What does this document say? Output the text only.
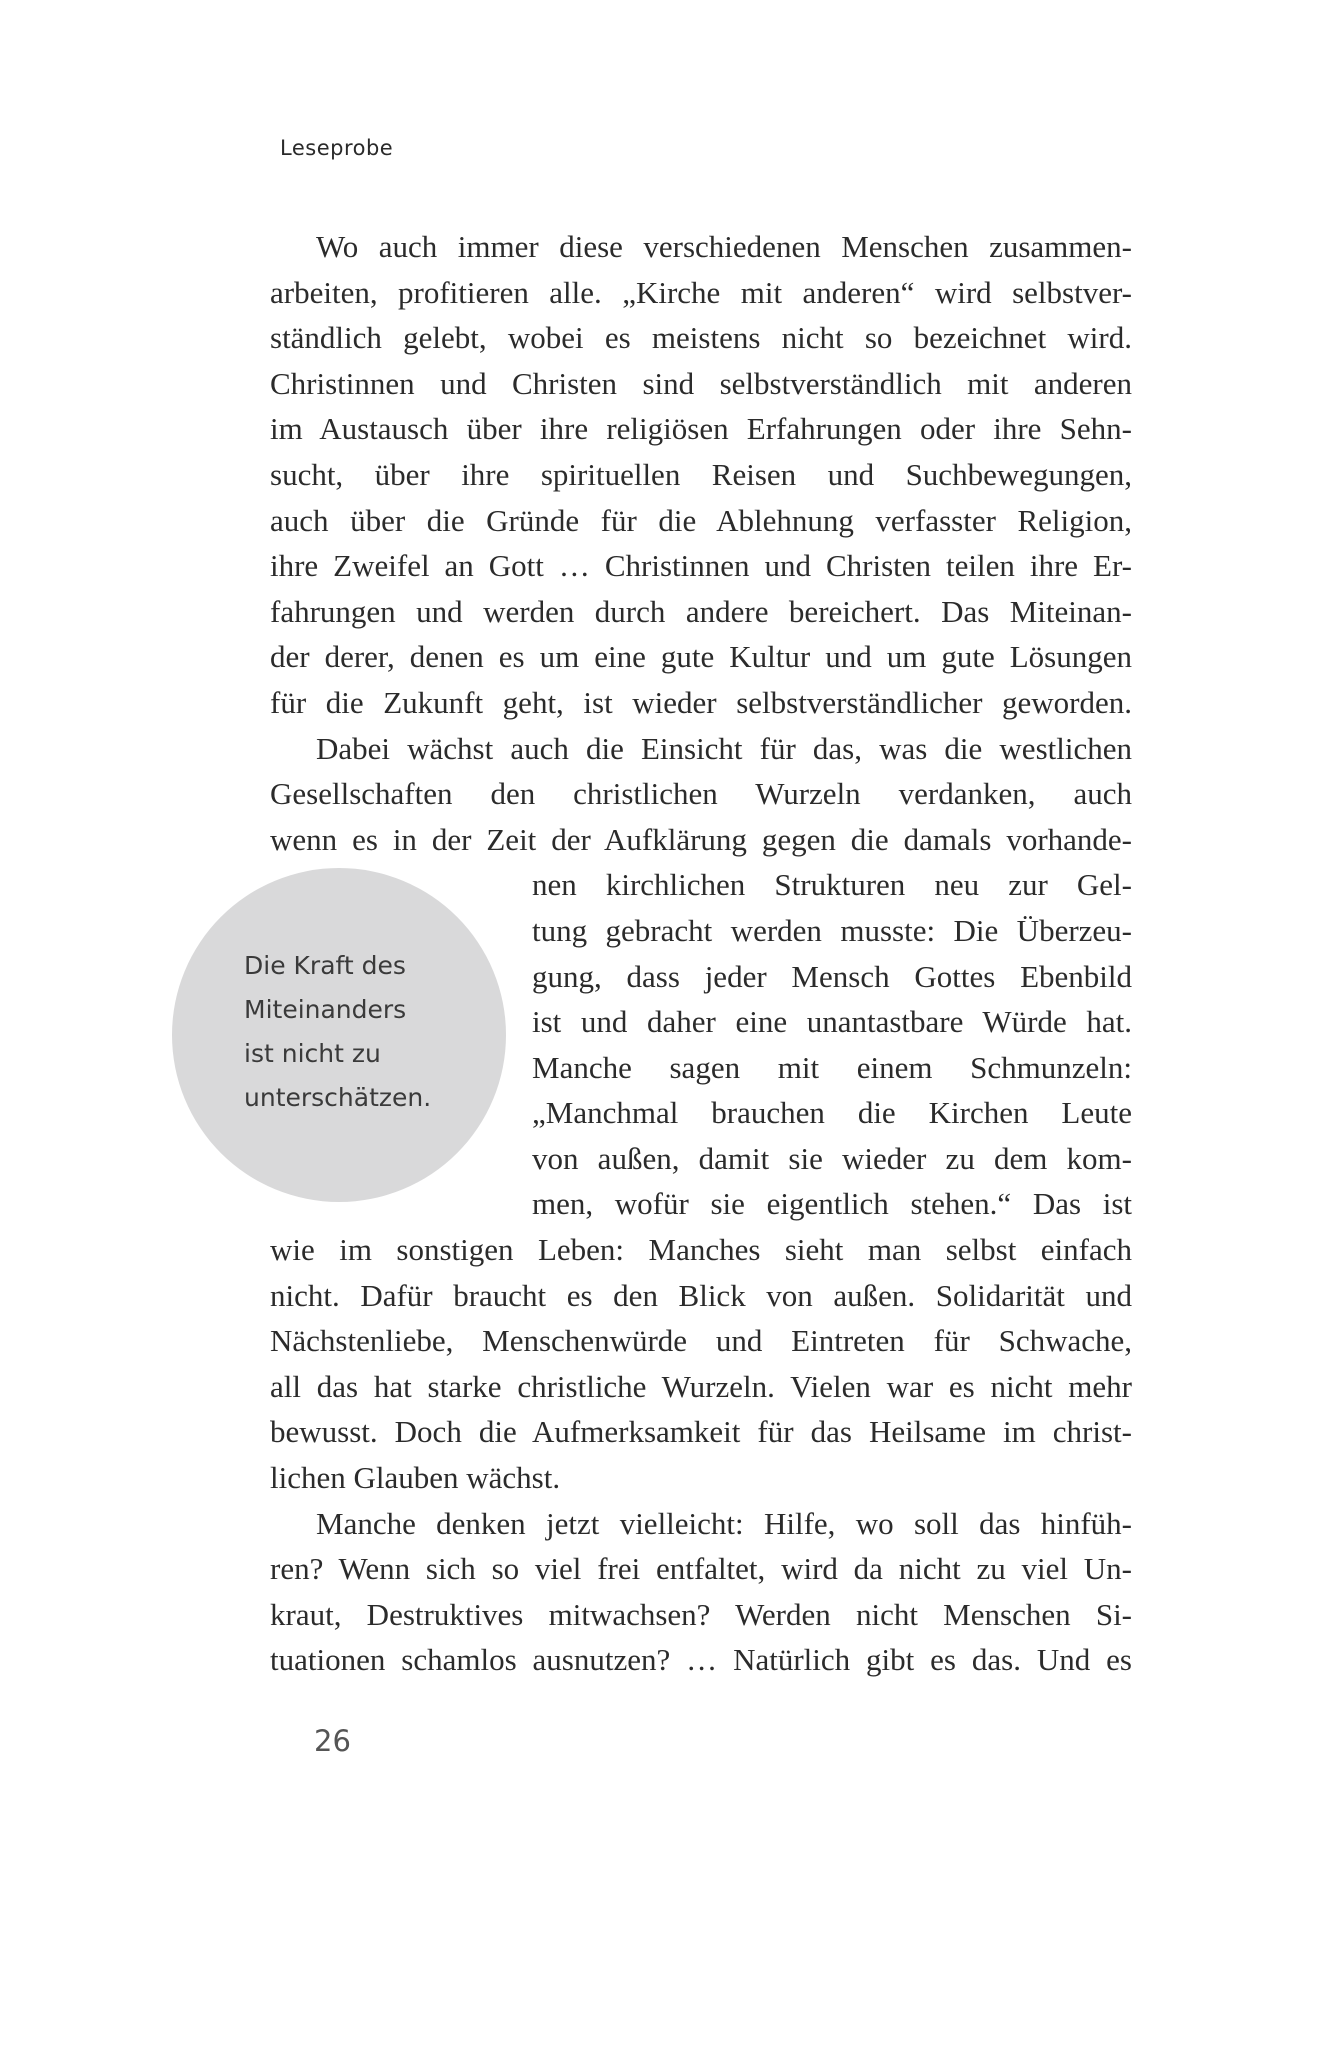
Leseprobe
Die Kraft des
Miteinanders
ist nicht zu
unterschätzen.
Wo auch immer diese verschiedenen Menschen zusammen-
arbeiten, profitieren alle. „Kirche mit anderen“ wird selbstver-
ständlich gelebt, wobei es meistens nicht so bezeichnet wird.
Christinnen und Christen sind selbstverständlich mit anderen
im Austausch über ihre religiösen Erfahrungen oder ihre Sehn-
sucht, über ihre spirituellen Reisen und Suchbewegungen,
auch über die Gründe für die Ablehnung verfasster Religion,
ihre Zweifel an Gott … Christinnen und Christen teilen ihre Er-
fahrungen und werden durch andere bereichert. Das Miteinan-
der derer, denen es um eine gute Kultur und um gute Lösungen
für die Zukunft geht, ist wieder selbstverständlicher geworden.
Dabei wächst auch die Einsicht für das, was die westlichen
Gesellschaften den christlichen Wurzeln verdanken, auch
wenn es in der Zeit der Aufklärung gegen die damals vorhande-
nen kirchlichen Strukturen neu zur Gel-
tung gebracht werden musste: Die Überzeu-
gung, dass jeder Mensch Gottes Ebenbild
ist und daher eine unantastbare Würde hat.
Manche sagen mit einem Schmunzeln:
„Manchmal brauchen die Kirchen Leute
von außen, damit sie wieder zu dem kom-
men, wofür sie eigentlich stehen.“ Das ist
wie im sonstigen Leben: Manches sieht man selbst einfach
nicht. Dafür braucht es den Blick von außen. Solidarität und
Nächstenliebe, Menschenwürde und Eintreten für Schwache,
all das hat starke christliche Wurzeln. Vielen war es nicht mehr
bewusst. Doch die Aufmerksamkeit für das Heilsame im christ-
lichen Glauben wächst.
Manche denken jetzt vielleicht: Hilfe, wo soll das hinfüh-
ren? Wenn sich so viel frei entfaltet, wird da nicht zu viel Un-
kraut, Destruktives mitwachsen? Werden nicht Menschen Si-
tuationen schamlos ausnutzen? … Natürlich gibt es das. Und es
26
